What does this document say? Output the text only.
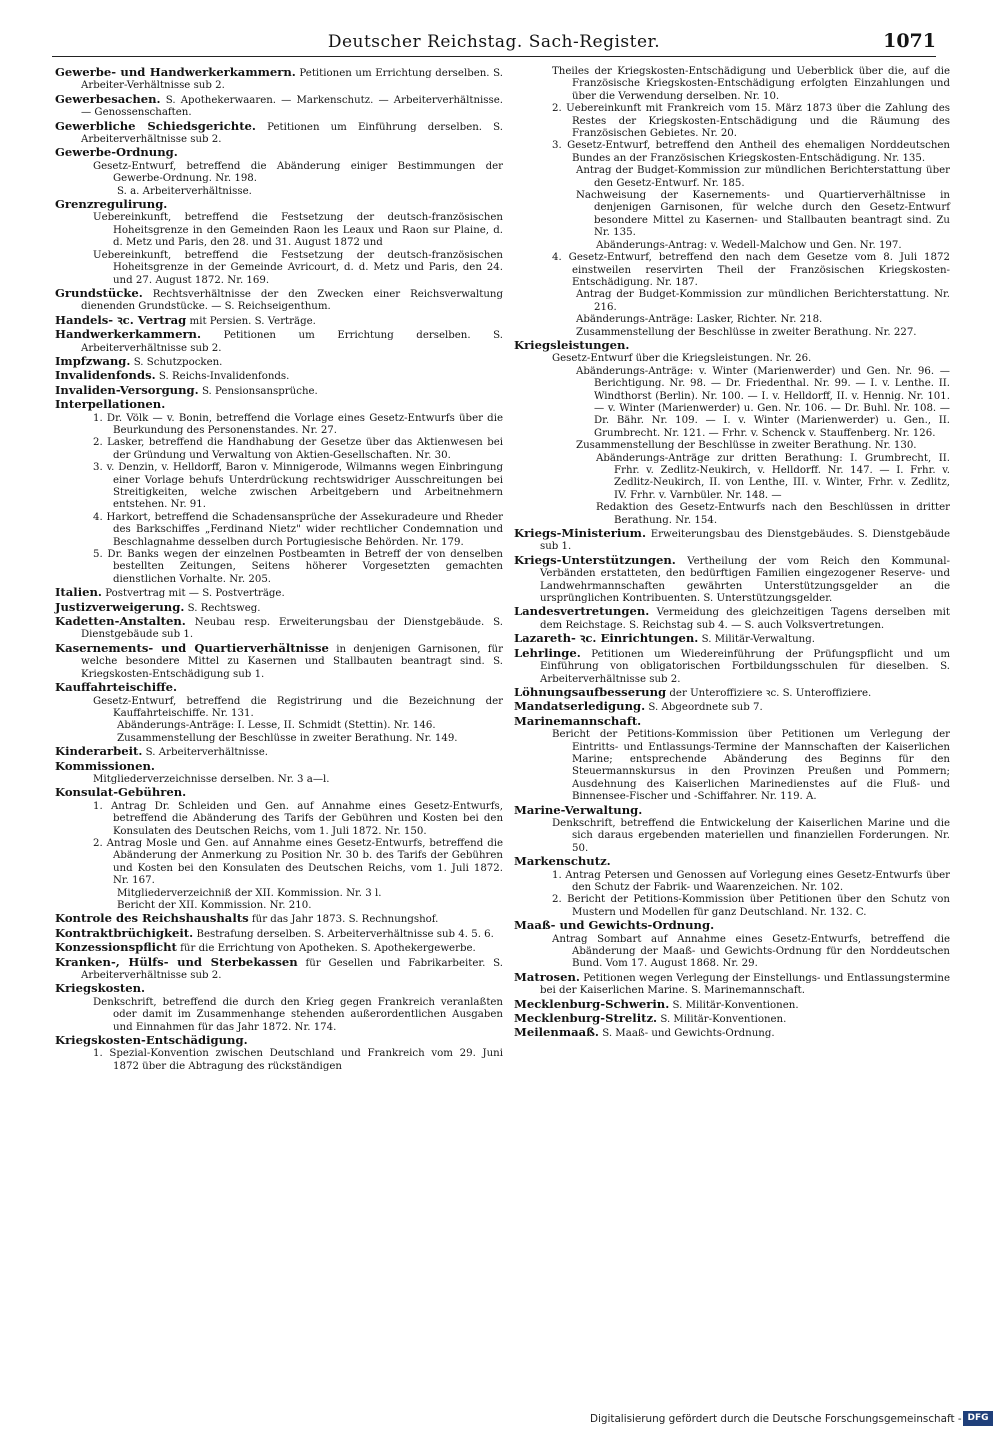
Deutscher Reichstag. Sach-Register.	1071

Gewerbe- und Handwerkerkammern. Petitionen um Errichtung derselben. S. Arbeiter-Verhältnisse sub 2.

Gewerbesachen. S. Apothekerwaaren. — Markenschutz. — Arbeiterverhältnisse. — Genossenschaften.

Gewerbliche Schiedsgerichte. Petitionen um Einführung derselben. S. Arbeiterverhältnisse sub 2.

Gewerbe-Ordnung.

Gesetz-Entwurf, betreffend die Abänderung einiger Bestimmungen der Gewerbe-Ordnung. Nr. 198.

S. a. Arbeiterverhältnisse.

Grenzregulirung.

Uebereinkunft, betreffend die Festsetzung der deutsch-französischen Hoheitsgrenze in den Gemeinden Raon les Leaux und Raon sur Plaine, d. d. Metz und Paris, den 28. und 31. August 1872 und

Uebereinkunft, betreffend die Festsetzung der deutsch-französischen Hoheitsgrenze in der Gemeinde Avricourt, d. d. Metz und Paris, den 24. und 27. August 1872. Nr. 169.

Grundstücke. Rechtsverhältnisse der den Zwecken einer Reichsverwaltung dienenden Grundstücke. — S. Reichseigenthum.

Handels- ꝛc. Vertrag mit Persien. S. Verträge.

Handwerkerkammern. Petitionen um Errichtung derselben. S. Arbeiterverhältnisse sub 2.

Impfzwang. S. Schutzpocken.

Invalidenfonds. S. Reichs-Invalidenfonds.

Invaliden-Versorgung. S. Pensionsansprüche.

Interpellationen.

1. Dr. Völk — v. Bonin, betreffend die Vorlage eines Gesetz-Entwurfs über die Beurkundung des Personenstandes. Nr. 27.

2. Lasker, betreffend die Handhabung der Gesetze über das Aktienwesen bei der Gründung und Verwaltung von Aktien-Gesellschaften. Nr. 30.

3. v. Denzin, v. Helldorff, Baron v. Minnigerode, Wilmanns wegen Einbringung einer Vorlage behufs Unterdrückung rechtswidriger Ausschreitungen bei Streitigkeiten, welche zwischen Arbeitgebern und Arbeitnehmern entstehen. Nr. 91.

4. Harkort, betreffend die Schadensansprüche der Assekuradeure und Rheder des Barkschiffes „Ferdinand Nietz" wider rechtlicher Condemnation und Beschlagnahme desselben durch Portugiesische Behörden. Nr. 179.

5. Dr. Banks wegen der einzelnen Postbeamten in Betreff der von denselben bestellten Zeitungen, Seitens höherer Vorgesetzten gemachten dienstlichen Vorhalte. Nr. 205.

Italien. Postvertrag mit — S. Postverträge.

Justizverweigerung. S. Rechtsweg.

Kadetten-Anstalten. Neubau resp. Erweiterungsbau der Dienstgebäude. S. Dienstgebäude sub 1.

Kasernements- und Quartierverhältnisse in denjenigen Garnisonen, für welche besondere Mittel zu Kasernen und Stallbauten beantragt sind. S. Kriegskosten-Entschädigung sub 1.

Kauffahrteischiffe.

Gesetz-Entwurf, betreffend die Registrirung und die Bezeichnung der Kauffahrteischiffe. Nr. 131.

Abänderungs-Anträge: I. Lesse, II. Schmidt (Stettin). Nr. 146.

Zusammenstellung der Beschlüsse in zweiter Berathung. Nr. 149.

Kinderarbeit. S. Arbeiterverhältnisse.

Kommissionen.

Mitgliederverzeichnisse derselben. Nr. 3 a—l.

Konsulat-Gebühren.

1. Antrag Dr. Schleiden und Gen. auf Annahme eines Gesetz-Entwurfs, betreffend die Abänderung des Tarifs der Gebühren und Kosten bei den Konsulaten des Deutschen Reichs, vom 1. Juli 1872. Nr. 150.

2. Antrag Mosle und Gen. auf Annahme eines Gesetz-Entwurfs, betreffend die Abänderung der Anmerkung zu Position Nr. 30 b. des Tarifs der Gebühren und Kosten bei den Konsulaten des Deutschen Reichs, vom 1. Juli 1872. Nr. 167.

Mitgliederverzeichniß der XII. Kommission. Nr. 3 l.

Bericht der XII. Kommission. Nr. 210.

Kontrole des Reichshaushalts für das Jahr 1873. S. Rechnungshof.

Kontraktbrüchigkeit. Bestrafung derselben. S. Arbeiterverhältnisse sub 4. 5. 6.

Konzessionspflicht für die Errichtung von Apotheken. S. Apothekergewerbe.

Kranken-, Hülfs- und Sterbekassen für Gesellen und Fabrikarbeiter. S. Arbeiterverhältnisse sub 2.

Kriegskosten.

Denkschrift, betreffend die durch den Krieg gegen Frankreich veranlaßten oder damit im Zusammenhange stehenden außerordentlichen Ausgaben und Einnahmen für das Jahr 1872. Nr. 174.

Kriegskosten-Entschädigung.

1. Spezial-Konvention zwischen Deutschland und Frankreich vom 29. Juni 1872 über die Abtragung des rückständigen

Theiles der Kriegskosten-Entschädigung und Ueberblick über die, auf die Französische Kriegskosten-Entschädigung erfolgten Einzahlungen und über die Verwendung derselben. Nr. 10.

2. Uebereinkunft mit Frankreich vom 15. März 1873 über die Zahlung des Restes der Kriegskosten-Entschädigung und die Räumung des Französischen Gebietes. Nr. 20.

3. Gesetz-Entwurf, betreffend den Antheil des ehemaligen Norddeutschen Bundes an der Französischen Kriegskosten-Entschädigung. Nr. 135.

Antrag der Budget-Kommission zur mündlichen Berichterstattung über den Gesetz-Entwurf. Nr. 185.

Nachweisung der Kasernements- und Quartierverhältnisse in denjenigen Garnisonen, für welche durch den Gesetz-Entwurf besondere Mittel zu Kasernen- und Stallbauten beantragt sind. Zu Nr. 135.

Abänderungs-Antrag: v. Wedell-Malchow und Gen. Nr. 197.

4. Gesetz-Entwurf, betreffend den nach dem Gesetze vom 8. Juli 1872 einstweilen reservirten Theil der Französischen Kriegskosten-Entschädigung. Nr. 187.

Antrag der Budget-Kommission zur mündlichen Berichterstattung. Nr. 216.

Abänderungs-Anträge: Lasker, Richter. Nr. 218.

Zusammenstellung der Beschlüsse in zweiter Berathung. Nr. 227.

Kriegsleistungen.

Gesetz-Entwurf über die Kriegsleistungen. Nr. 26.

Abänderungs-Anträge: v. Winter (Marienwerder) und Gen. Nr. 96. — Berichtigung. Nr. 98. — Dr. Friedenthal. Nr. 99. — I. v. Lenthe. II. Windthorst (Berlin). Nr. 100. — I. v. Helldorff, II. v. Hennig. Nr. 101. — v. Winter (Marienwerder) u. Gen. Nr. 106. — Dr. Buhl. Nr. 108. — Dr. Bähr. Nr. 109. — I. v. Winter (Marienwerder) u. Gen., II. Grumbrecht. Nr. 121. — Frhr. v. Schenck v. Stauffenberg. Nr. 126.

Zusammenstellung der Beschlüsse in zweiter Berathung. Nr. 130.

Abänderungs-Anträge zur dritten Berathung: I. Grumbrecht, II. Frhr. v. Zedlitz-Neukirch, v. Helldorff. Nr. 147. — I. Frhr. v. Zedlitz-Neukirch, II. von Lenthe, III. v. Winter, Frhr. v. Zedlitz, IV. Frhr. v. Varnbüler. Nr. 148. —

Redaktion des Gesetz-Entwurfs nach den Beschlüssen in dritter Berathung. Nr. 154.

Kriegs-Ministerium. Erweiterungsbau des Dienstgebäudes. S. Dienstgebäude sub 1.

Kriegs-Unterstützungen. Vertheilung der vom Reich den Kommunal-Verbänden erstatteten, den bedürftigen Familien eingezogener Reserve- und Landwehrmannschaften gewährten Unterstützungsgelder an die ursprünglichen Kontribuenten. S. Unterstützungsgelder.

Landesvertretungen. Vermeidung des gleichzeitigen Tagens derselben mit dem Reichstage. S. Reichstag sub 4. — S. auch Volksvertretungen.

Lazareth- ꝛc. Einrichtungen. S. Militär-Verwaltung.

Lehrlinge. Petitionen um Wiedereinführung der Prüfungspflicht und um Einführung von obligatorischen Fortbildungsschulen für dieselben. S. Arbeiterverhältnisse sub 2.

Löhnungsaufbesserung der Unteroffiziere ꝛc. S. Unteroffiziere.

Mandatserledigung. S. Abgeordnete sub 7.

Marinemannschaft.

Bericht der Petitions-Kommission über Petitionen um Verlegung der Eintritts- und Entlassungs-Termine der Mannschaften der Kaiserlichen Marine; entsprechende Abänderung des Beginns für den Steuermannskursus in den Provinzen Preußen und Pommern; Ausdehnung des Kaiserlichen Marinedienstes auf die Fluß- und Binnensee-Fischer und -Schiffahrer. Nr. 119. A.

Marine-Verwaltung.

Denkschrift, betreffend die Entwickelung der Kaiserlichen Marine und die sich daraus ergebenden materiellen und finanziellen Forderungen. Nr. 50.

Markenschutz.

1. Antrag Petersen und Genossen auf Vorlegung eines Gesetz-Entwurfs über den Schutz der Fabrik- und Waarenzeichen. Nr. 102.

2. Bericht der Petitions-Kommission über Petitionen über den Schutz von Mustern und Modellen für ganz Deutschland. Nr. 132. C.

Maaß- und Gewichts-Ordnung.

Antrag Sombart auf Annahme eines Gesetz-Entwurfs, betreffend die Abänderung der Maaß- und Gewichts-Ordnung für den Norddeutschen Bund. Vom 17. August 1868. Nr. 29.

Matrosen. Petitionen wegen Verlegung der Einstellungs- und Entlassungstermine bei der Kaiserlichen Marine. S. Marinemannschaft.

Mecklenburg-Schwerin. S. Militär-Konventionen.

Mecklenburg-Strelitz. S. Militär-Konventionen.

Meilenmaaß. S. Maaß- und Gewichts-Ordnung.

Digitalisierung gefördert durch die Deutsche Forschungsgemeinschaft - DFG
